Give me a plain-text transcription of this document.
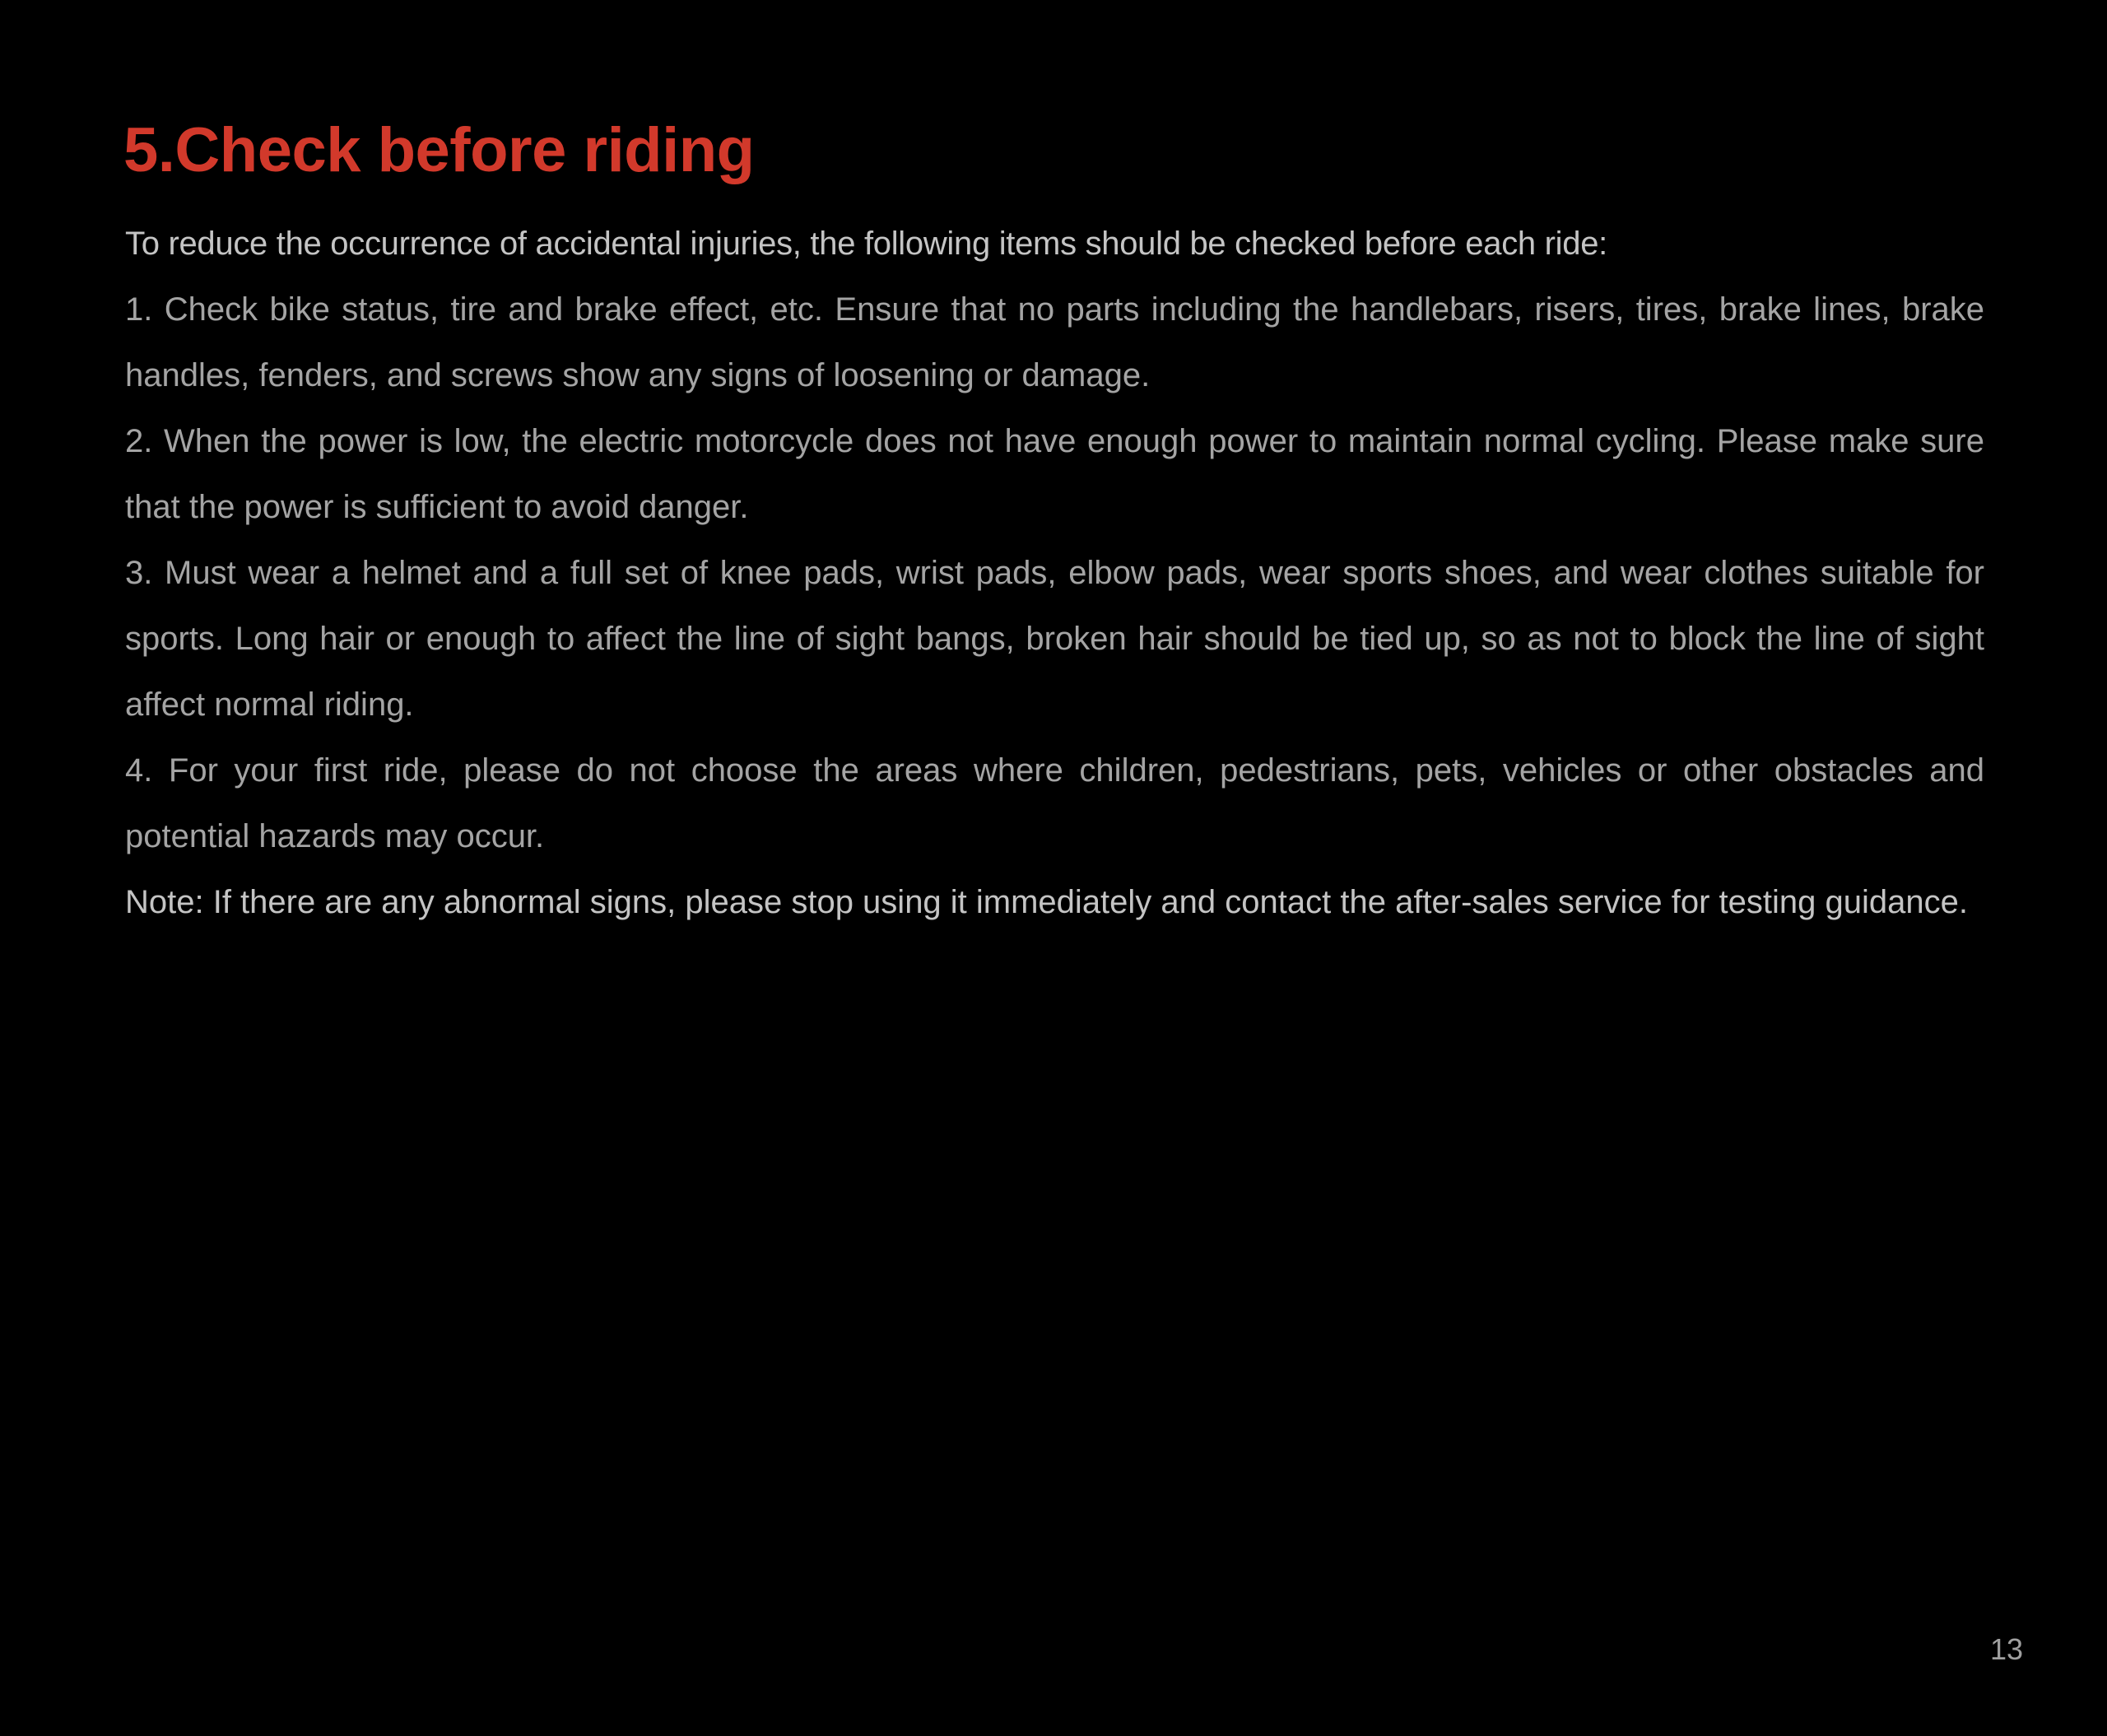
5.Check before riding

To reduce the occurrence of accidental injuries, the following items should be checked before each ride:

1. Check bike status, tire and brake effect, etc. Ensure that no parts including the handlebars, risers, tires, brake lines, brake handles, fenders, and screws show any signs of loosening or damage.

2. When the power is low, the electric motorcycle does not have enough power to maintain normal cycling. Please make sure that the power is sufficient to avoid danger.

3. Must wear a helmet and a full set of knee pads, wrist pads, elbow pads, wear sports shoes, and wear clothes suitable for sports. Long hair or enough to affect the line of sight bangs, broken hair should be tied up, so as not to block the line of sight affect normal riding.

4. For your first ride, please do not choose the areas where children, pedestrians, pets, vehicles or other obstacles and potential hazards may occur.

Note: If there are any abnormal signs, please stop using it immediately and contact the after-sales service for testing guidance.

13
